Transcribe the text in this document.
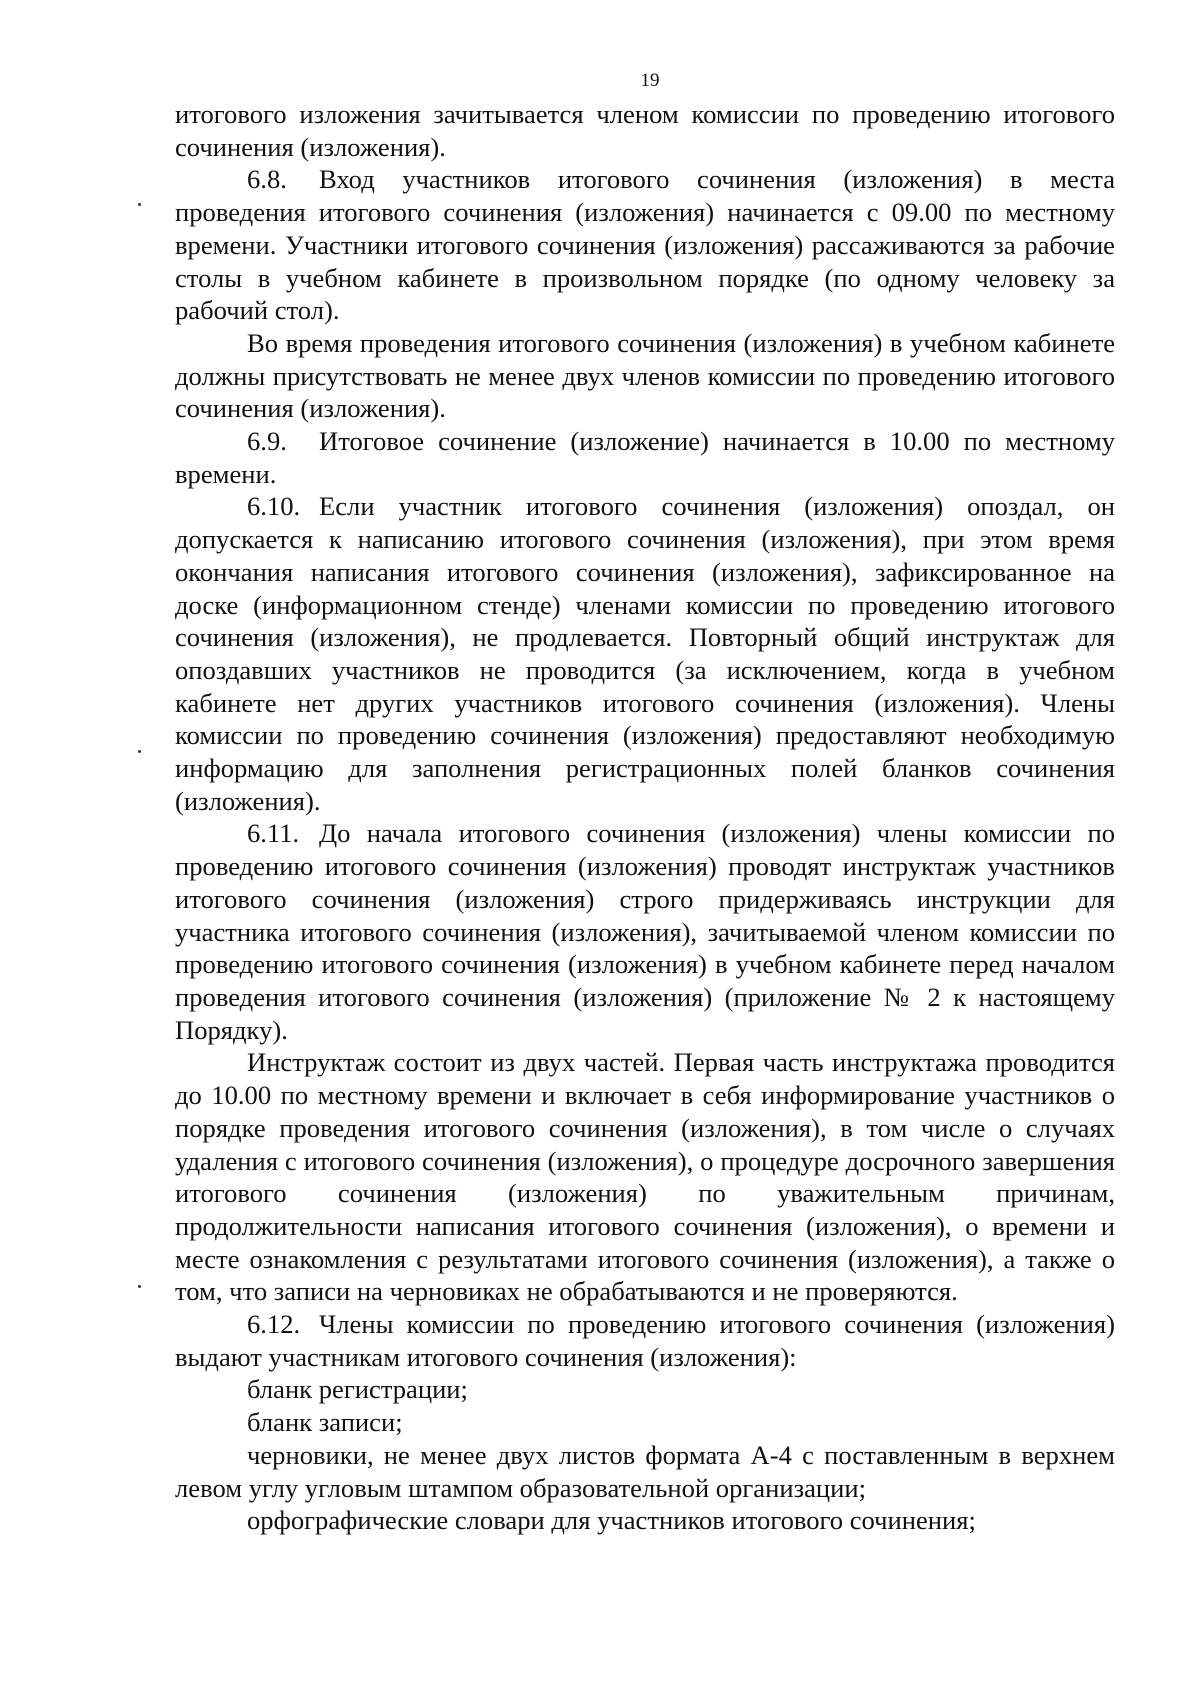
19

итогового изложения зачитывается членом комиссии по проведению итогового сочинения (изложения).

6.8. Вход участников итогового сочинения (изложения) в места проведения итогового сочинения (изложения) начинается с 09.00 по местному времени. Участники итогового сочинения (изложения) рассаживаются за рабочие столы в учебном кабинете в произвольном порядке (по одному человеку за рабочий стол).

Во время проведения итогового сочинения (изложения) в учебном кабинете должны присутствовать не менее двух членов комиссии по проведению итогового сочинения (изложения).

6.9. Итоговое сочинение (изложение) начинается в 10.00 по местному времени.

6.10. Если участник итогового сочинения (изложения) опоздал, он допускается к написанию итогового сочинения (изложения), при этом время окончания написания итогового сочинения (изложения), зафиксированное на доске (информационном стенде) членами комиссии по проведению итогового сочинения (изложения), не продлевается. Повторный общий инструктаж для опоздавших участников не проводится (за исключением, когда в учебном кабинете нет других участников итогового сочинения (изложения). Члены комиссии по проведению сочинения (изложения) предоставляют необходимую информацию для заполнения регистрационных полей бланков сочинения (изложения).

6.11. До начала итогового сочинения (изложения) члены комиссии по проведению итогового сочинения (изложения) проводят инструктаж участников итогового сочинения (изложения) строго придерживаясь инструкции для участника итогового сочинения (изложения), зачитываемой членом комиссии по проведению итогового сочинения (изложения) в учебном кабинете перед началом проведения итогового сочинения (изложения) (приложение № 2 к настоящему Порядку).

Инструктаж состоит из двух частей. Первая часть инструктажа проводится до 10.00 по местному времени и включает в себя информирование участников о порядке проведения итогового сочинения (изложения), в том числе о случаях удаления с итогового сочинения (изложения), о процедуре досрочного завершения итогового сочинения (изложения) по уважительным причинам, продолжительности написания итогового сочинения (изложения), о времени и месте ознакомления с результатами итогового сочинения (изложения), а также о том, что записи на черновиках не обрабатываются и не проверяются.

6.12. Члены комиссии по проведению итогового сочинения (изложения) выдают участникам итогового сочинения (изложения):

бланк регистрации;

бланк записи;

черновики, не менее двух листов формата А-4 с поставленным в верхнем левом углу угловым штампом образовательной организации;

орфографические словари для участников итогового сочинения;
